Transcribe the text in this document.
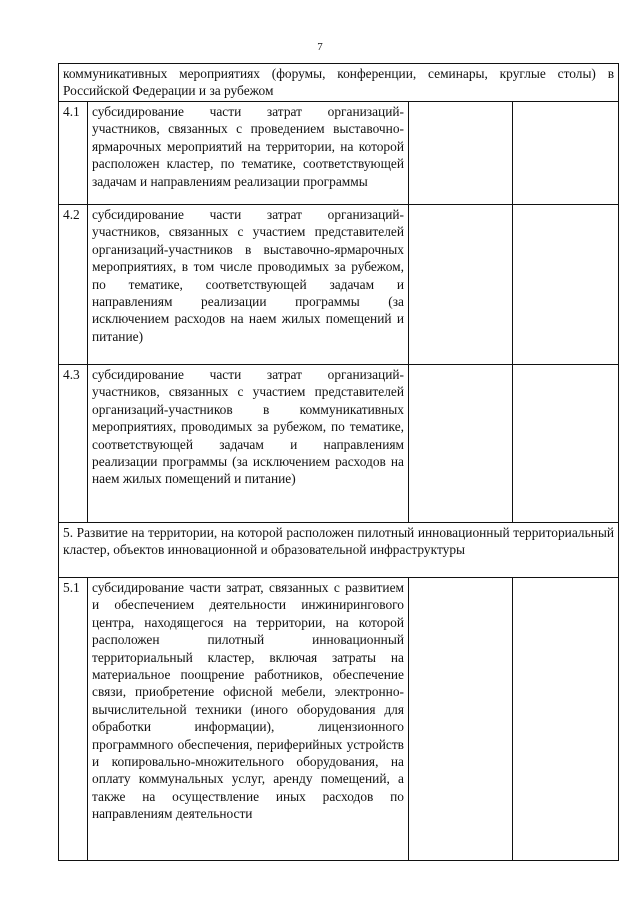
7
коммуникативных мероприятиях (форумы, конференции, семинары, круглые столы) в Российской Федерации и за рубежом			
4.1	субсидирование части затрат организаций-участников, связанных с проведением выставочно-ярмарочных мероприятий на территории, на которой расположен кластер, по тематике, соответствующей задачам и направлениям реализации программы		
4.2	субсидирование части затрат организаций-участников, связанных с участием представителей организаций-участников в выставочно-ярмарочных мероприятиях, в том числе проводимых за рубежом, по тематике, соответствующей задачам и направлениям реализации программы (за исключением расходов на наем жилых помещений и питание)		
4.3	субсидирование части затрат организаций-участников, связанных с участием представителей организаций-участников в коммуникативных мероприятиях, проводимых за рубежом, по тематике, соответствующей задачам и направлениям реализации программы (за исключением расходов на наем жилых помещений и питание)		
5. Развитие на территории, на которой расположен пилотный инновационный территориальный кластер, объектов инновационной и образовательной инфраструктуры			
5.1	субсидирование части затрат, связанных с развитием и обеспечением деятельности инжинирингового центра, находящегося на территории, на которой расположен пилотный инновационный территориальный кластер, включая затраты на материальное поощрение работников, обеспечение связи, приобретение офисной мебели, электронно-вычислительной техники (иного оборудования для обработки информации), лицензионного программного обеспечения, периферийных устройств и копировально-множительного оборудования, на оплату коммунальных услуг, аренду помещений, а также на осуществление иных расходов по направлениям деятельности		
